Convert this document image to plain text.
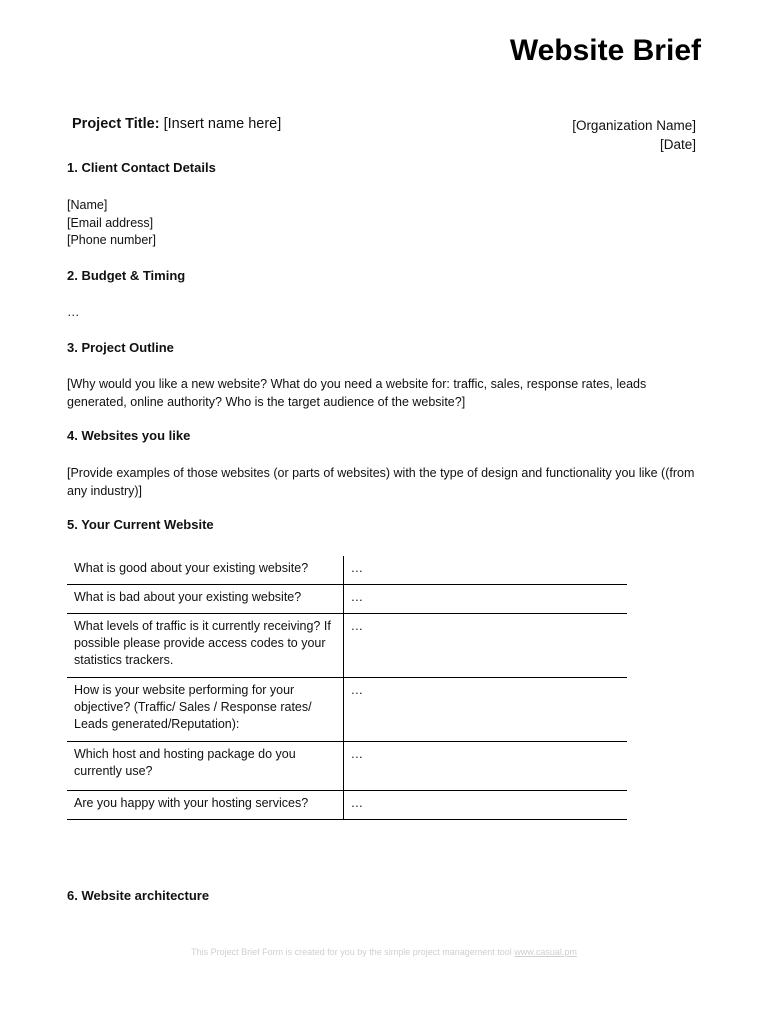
Website Brief
Project Title: [Insert name here]	[Organization Name]
[Date]
1. Client Contact Details
[Name]
[Email address]
[Phone number]
2. Budget & Timing

…

3. Project Outline

[Why would you like a new website? What do you need a website for: traffic, sales, response rates, leads generated, online authority? Who is the target audience of the website?]

4. Websites you like

[Provide examples of those websites (or parts of websites) with the type of design and functionality you like ((from any industry)]

5. Your Current Website
What is good about your existing website?	…
What is bad about your existing website?	…
What levels of traffic is it currently receiving? If possible please provide access codes to your statistics trackers.	…
How is your website performing for your objective? (Traffic/ Sales / Response rates/ Leads generated/Reputation):	…
Which host and hosting package do you currently use?	…
Are you happy with your hosting services?	…
6. Website architecture
This Project Brief Form is created for you by the simple project management tool www.casual.pm
